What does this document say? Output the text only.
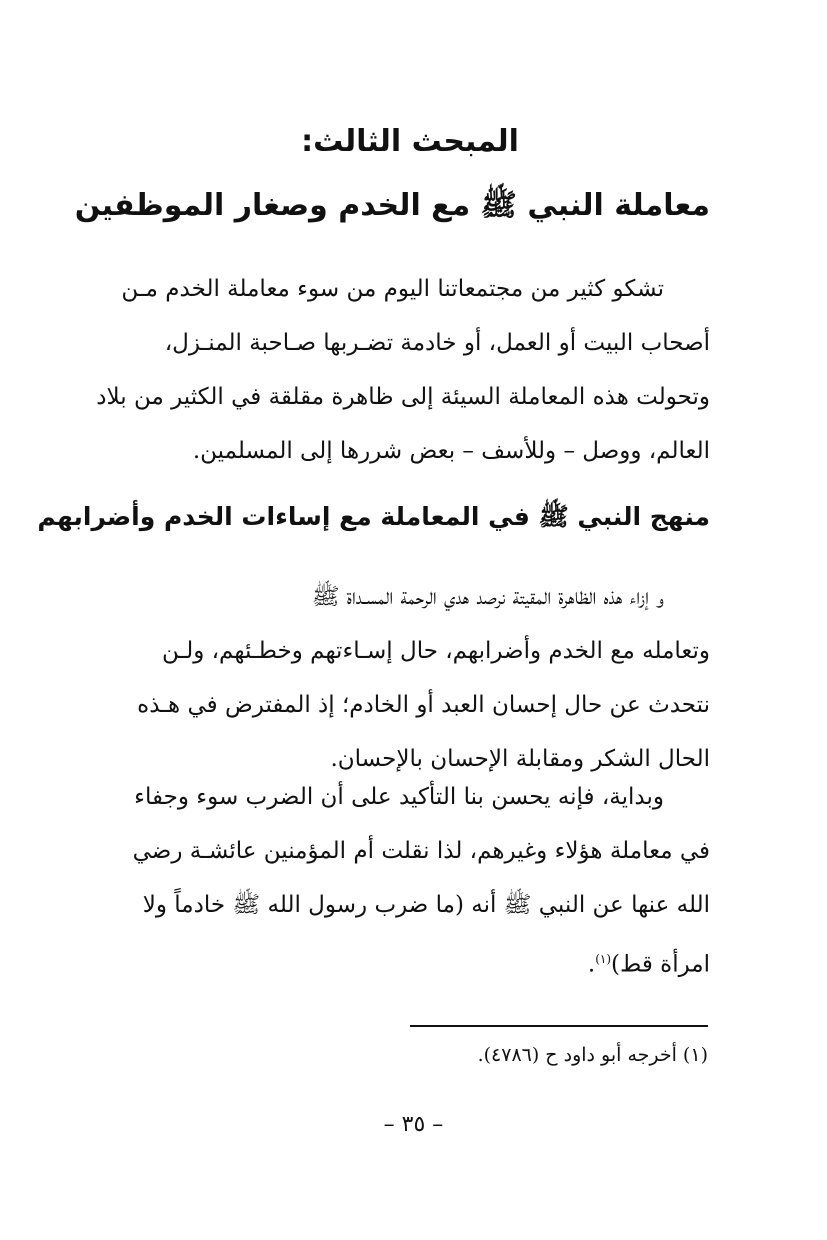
المبحث الثالث:
معاملة النبي ﷺ مع الخدم وصغار الموظفين
تشكو كثير من مجتمعاتنا اليوم من سوء معاملة الخدم مـن
أصحاب البيت أو العمل، أو خادمة تضـربها صـاحبة المنـزل،
وتحولت هذه المعاملة السيئة إلى ظاهرة مقلقة في الكثير من بلاد
العالم، ووصل – وللأسف – بعض شررها إلى المسلمين.
منهج النبي ﷺ في المعاملة مع إساءات الخدم وأضرابهم
و إزاء هذه الظاهرة المقيتة نرصد هدي الرحمة المسـداة ﷺ
وتعامله مع الخدم وأضرابهم، حال إسـاءتهم وخطـئهم، ولـن
نتحدث عن حال إحسان العبد أو الخادم؛ إذ المفترض في هـذه
الحال الشكر ومقابلة الإحسان بالإحسان.
وبداية، فإنه يحسن بنا التأكيد على أن الضرب سوء وجفاء
في معاملة هؤلاء وغيرهم، لذا نقلت أم المؤمنين عائشـة رضي
الله عنها عن النبي ﷺ أنه (ما ضرب رسول الله ﷺ خادماً ولا
امرأة قط)$^{(١)}$.
(١) أخرجه أبو داود ح (٤٧٨٦).
– ٣٥ –
